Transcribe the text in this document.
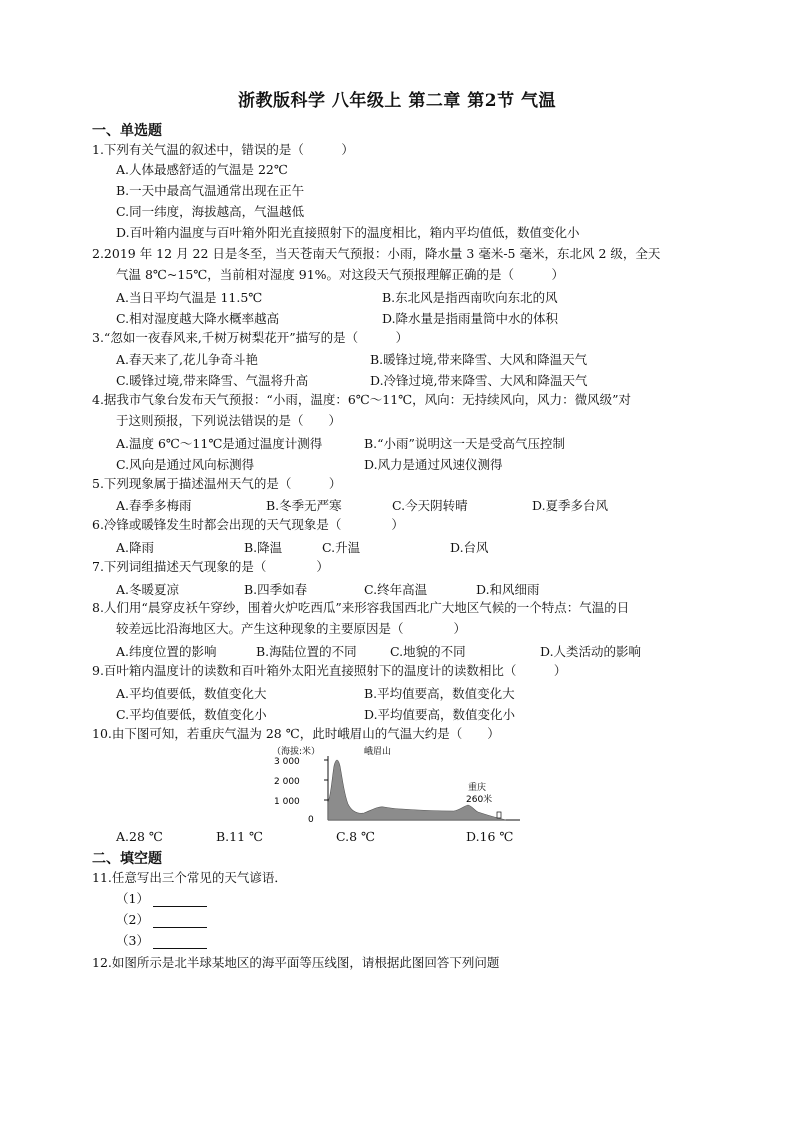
浙教版科学 八年级上 第二章 第2节 气温
一、单选题
1.下列有关气温的叙述中，错误的是（　　　）
A.人体最感舒适的气温是 22℃
B.一天中最高气温通常出现在正午
C.同一纬度，海拔越高，气温越低
D.百叶箱内温度与百叶箱外阳光直接照射下的温度相比，箱内平均值低，数值变化小
2.2019 年 12 月 22 日是冬至，当天苍南天气预报：小雨，降水量 3 毫米-5 毫米，东北风 2 级，全天
气温 8℃~15℃，当前相对湿度 91%。对这段天气预报理解正确的是（　　　）
A.当日平均气温是 11.5℃	B.东北风是指西南吹向东北的风
C.相对湿度越大降水概率越高	D.降水量是指雨量筒中水的体积
3.“忽如一夜春风来,千树万树梨花开”描写的是（　　　）
A.春天来了,花儿争奇斗艳	B.暖锋过境,带来降雪、大风和降温天气
C.暖锋过境,带来降雪、气温将升高	D.冷锋过境,带来降雪、大风和降温天气
4.据我市气象台发布天气预报：“小雨，温度：6℃～11℃，风向：无持续风向，风力：微风级”对
于这则预报，下列说法错误的是（　　）
A.温度 6℃～11℃是通过温度计测得	B.“小雨”说明这一天是受高气压控制
C.风向是通过风向标测得	D.风力是通过风速仪测得
5.下列现象属于描述温州天气的是（　　　）
A.春季多梅雨	B.冬季无严寒	C.今天阴转晴	D.夏季多台风
6.冷锋或暖锋发生时都会出现的天气现象是（　　　　）
A.降雨	B.降温	C.升温	D.台风
7.下列词组描述天气现象的是（　　　　）
A.冬暖夏凉	B.四季如春	C.终年高温	D.和风细雨
8.人们用“晨穿皮袄午穿纱，围着火炉吃西瓜”来形容我国西北广大地区气候的一个特点：气温的日
较差远比沿海地区大。产生这种现象的主要原因是（　　　　）
A.纬度位置的影响	B.海陆位置的不同	C.地貌的不同	D.人类活动的影响
9.百叶箱内温度计的读数和百叶箱外太阳光直接照射下的温度计的读数相比（　　　）
A.平均值要低，数值变化大	B.平均值要高，数值变化大
C.平均值要低，数值变化小	D.平均值要高，数值变化小
10.由下图可知，若重庆气温为 28 ℃，此时峨眉山的气温大约是（　　）
（海拔:米）	峨眉山
3 000
2 000
1 000
0
重庆
260米
A.28 ℃	B.11 ℃	C.8 ℃	D.16 ℃
二、填空题
11.任意写出三个常见的天气谚语．
（1）
（2）
（3）
12.如图所示是北半球某地区的海平面等压线图，请根据此图回答下列问题
